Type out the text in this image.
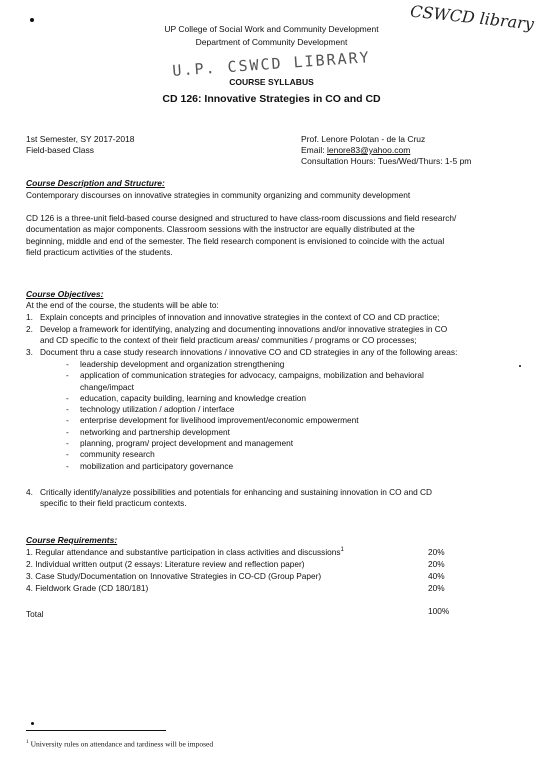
CSWCD library
UP College of Social Work and Community Development
Department of Community Development
U.P. CSWCD LIBRARY
COURSE SYLLABUS
CD 126: Innovative Strategies in CO and CD
1st Semester, SY 2017-2018
Field-based Class
Prof. Lenore Polotan - de la Cruz
Email: lenore83@yahoo.com
Consultation Hours: Tues/Wed/Thurs: 1-5 pm
Course Description and Structure:
Contemporary discourses on innovative strategies in community organizing and community development
CD 126 is a three-unit field-based course designed and structured to have class-room discussions and field research/
documentation as major components. Classroom sessions with the instructor are equally distributed at the
beginning, middle and end of the semester. The field research component is envisioned to coincide with the actual
field practicum activities of the students.
Course Objectives:
At the end of the course, the students will be able to:
1. Explain concepts and principles of innovation and innovative strategies in the context of CO and CD practice;
2. Develop a framework for identifying, analyzing and documenting innovations and/or innovative strategies in CO
and CD specific to the context of their field practicum areas/ communities / programs or CO processes;
3. Document thru a case study research innovations / innovative CO and CD strategies in any of the following areas:
- leadership development and organization strengthening
- application of communication strategies for advocacy, campaigns, mobilization and behavioral
change/impact
- education, capacity building, learning and knowledge creation
- technology utilization / adoption / interface
- enterprise development for livelihood improvement/economic empowerment
- networking and partnership development
- planning, program/ project development and management
- community research
- mobilization and participatory governance
4. Critically identify/analyze possibilities and potentials for enhancing and sustaining innovation in CO and CD
specific to their field practicum contexts.
Course Requirements:
1. Regular attendance and substantive participation in class activities and discussions$^1$	20%
2. Individual written output (2 essays: Literature review and reflection paper)	20%
3. Case Study/Documentation on Innovative Strategies in CO-CD (Group Paper)	40%
4. Fieldwork Grade (CD 180/181)	20%
Total	100%
$^1$ University rules on attendance and tardiness will be imposed
